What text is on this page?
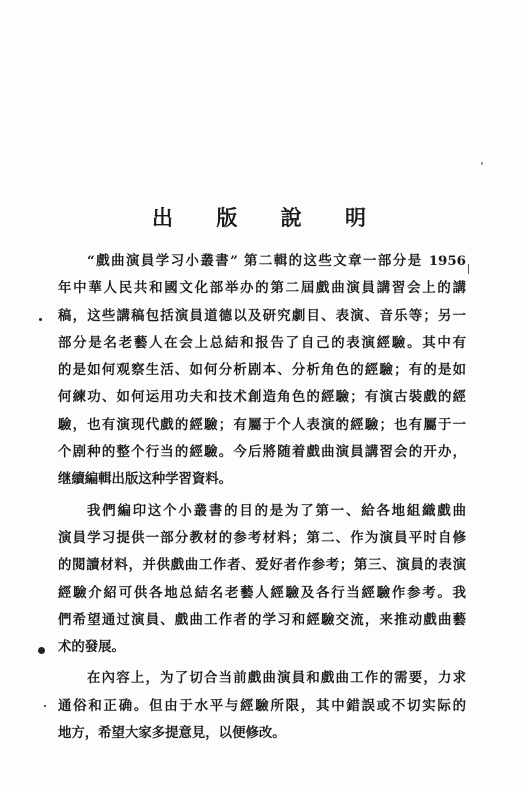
出 版 說 明
“戲曲演員学习小叢書” 第二輯的这些文章一部分是 1956
年中華人民共和國文化部举办的第二屆戲曲演員講習会上的講
稿，这些講稿包括演員道德以及研究劇目、表演、音乐等；另一
部分是名老藝人在会上总結和报告了自己的表演經驗。其中有
的是如何观察生活、如何分析剧本、分析角色的經驗；有的是如
何練功、如何运用功夫和技术創造角色的經驗；有演古裝戲的經
驗，也有演现代戲的經驗；有屬于个人表演的經驗；也有屬于一
个剧种的整个行当的經驗。今后將随着戲曲演員講習会的开办，
继續編輯出版这种学習資料。
我們編印这个小叢書的目的是为了第一、給各地組織戲曲
演員学习提供一部分教材的参考材料；第二、作为演員平时自修
的閱讀材料，并供戲曲工作者、爱好者作参考；第三、演員的表演
經驗介紹可供各地总結名老藝人經驗及各行当經驗作参考。我
們希望通过演員、戲曲工作者的学习和經驗交流，来推动戲曲藝
术的發展。
在內容上，为了切合当前戲曲演員和戲曲工作的需要，力求
通俗和正确。但由于水平与經驗所限，其中錯誤或不切实际的
地方，希望大家多提意見，以便修改。
